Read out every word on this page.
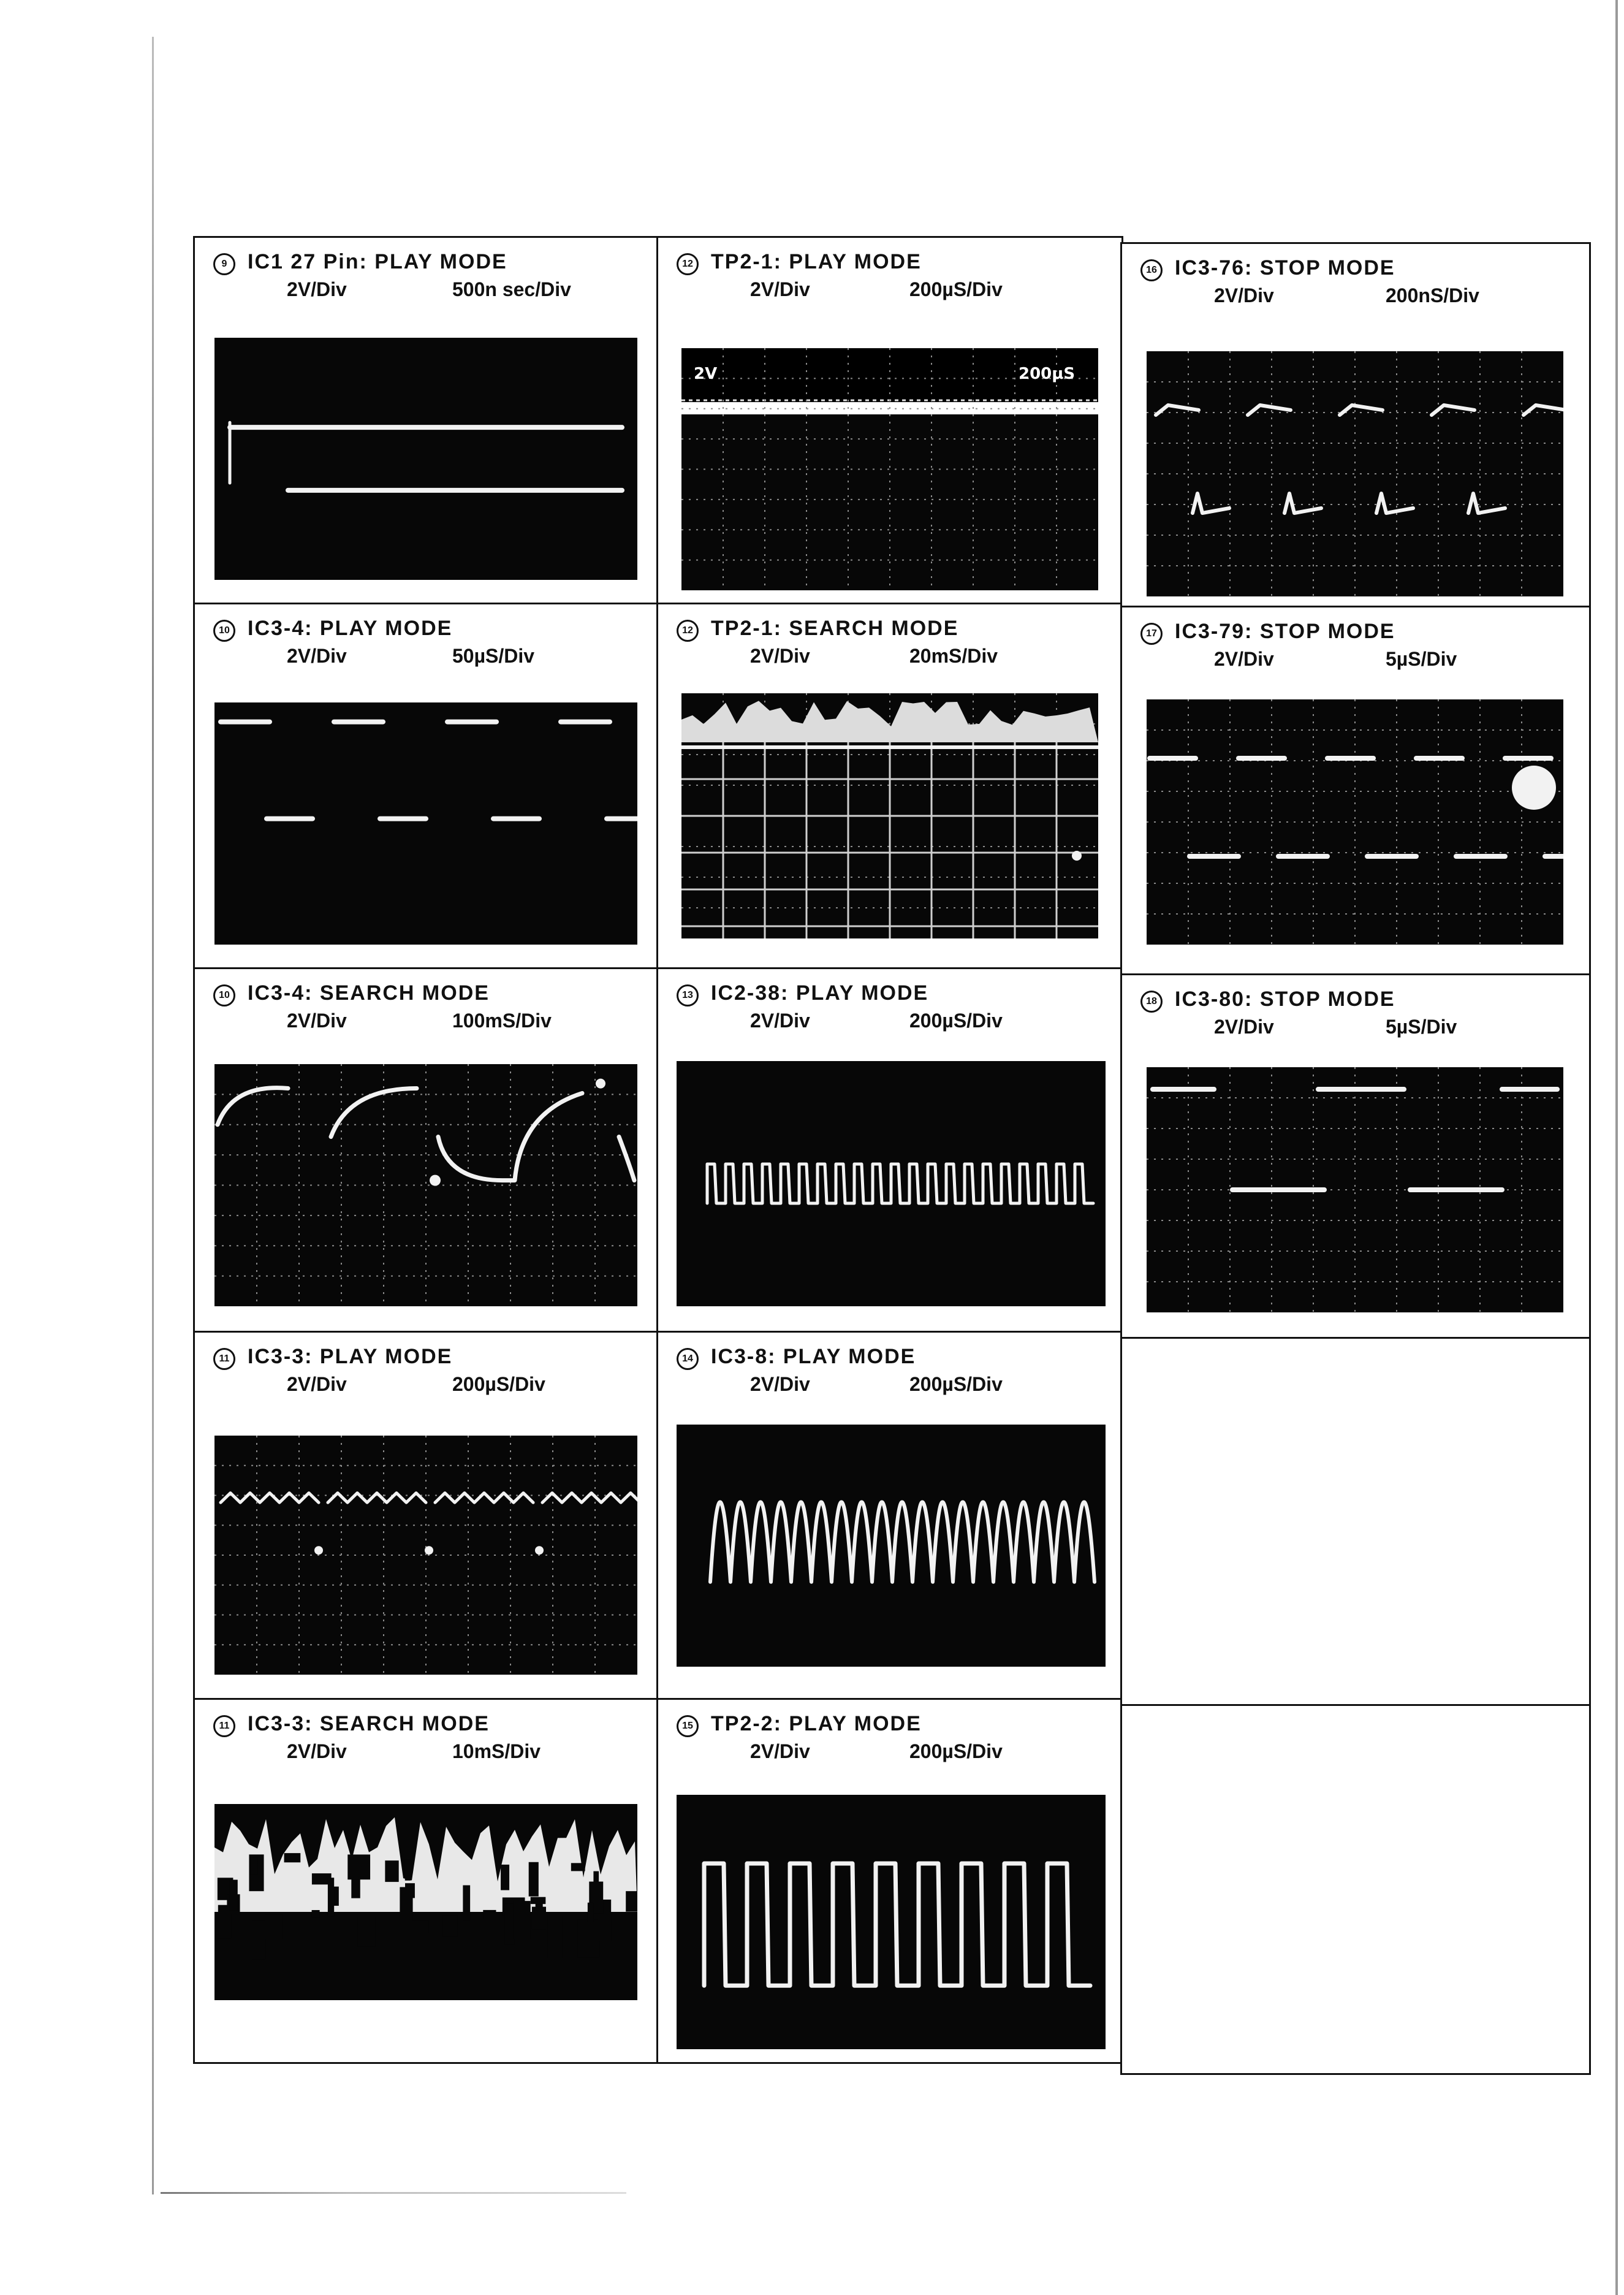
9 IC1 27 Pin: PLAY MODE
2V/Div	500n sec/Div
10 IC3-4: PLAY MODE
2V/Div	50µS/Div
10 IC3-4: SEARCH MODE
2V/Div	100mS/Div
11 IC3-3: PLAY MODE
2V/Div	200µS/Div
11 IC3-3: SEARCH MODE
2V/Div	10mS/Div
12 TP2-1: PLAY MODE
2V/Div	200µS/Div
2V	200µS
12 TP2-1: SEARCH MODE
2V/Div	20mS/Div
13 IC2-38: PLAY MODE
2V/Div	200µS/Div
14 IC3-8: PLAY MODE
2V/Div	200µS/Div
15 TP2-2: PLAY MODE
2V/Div	200µS/Div
16 IC3-76: STOP MODE
2V/Div	200nS/Div
17 IC3-79: STOP MODE
2V/Div	5µS/Div
18 IC3-80: STOP MODE
2V/Div	5µS/Div
